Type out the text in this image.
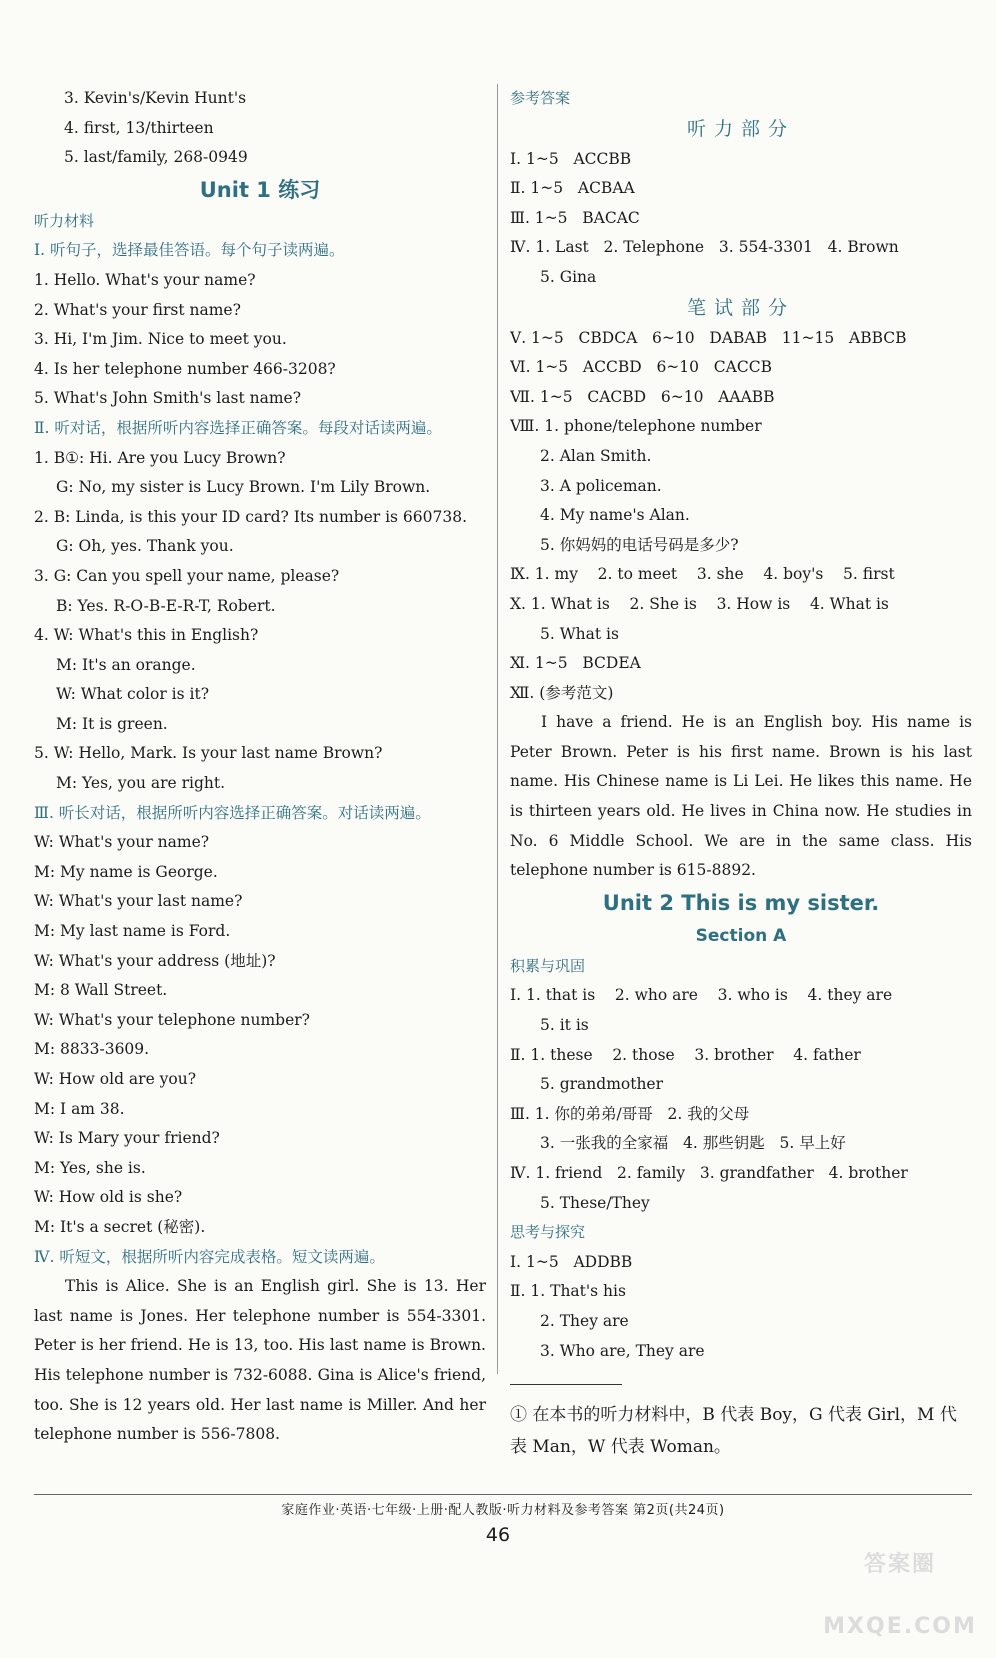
3. Kevin's/Kevin Hunt's
4. first, 13/thirteen
5. last/family, 268-0949
Unit 1 练习
听力材料
Ⅰ. 听句子，选择最佳答语。每个句子读两遍。
1. Hello. What's your name?
2. What's your first name?
3. Hi, I'm Jim. Nice to meet you.
4. Is her telephone number 466-3208?
5. What's John Smith's last name?
Ⅱ. 听对话，根据所听内容选择正确答案。每段对话读两遍。
1. B①: Hi. Are you Lucy Brown?
G: No, my sister is Lucy Brown. I'm Lily Brown.
2. B: Linda, is this your ID card? Its number is 660738.
G: Oh, yes. Thank you.
3. G: Can you spell your name, please?
B: Yes. R-O-B-E-R-T, Robert.
4. W: What's this in English?
M: It's an orange.
W: What color is it?
M: It is green.
5. W: Hello, Mark. Is your last name Brown?
M: Yes, you are right.
Ⅲ. 听长对话，根据所听内容选择正确答案。对话读两遍。
W: What's your name?
M: My name is George.
W: What's your last name?
M: My last name is Ford.
W: What's your address (地址)?
M: 8 Wall Street.
W: What's your telephone number?
M: 8833-3609.
W: How old are you?
M: I am 38.
W: Is Mary your friend?
M: Yes, she is.
W: How old is she?
M: It's a secret (秘密).
Ⅳ. 听短文，根据所听内容完成表格。短文读两遍。
This is Alice. She is an English girl. She is 13. Her last name is Jones. Her telephone number is 554-3301. Peter is her friend. He is 13, too. His last name is Brown. His telephone number is 732-6088. Gina is Alice's friend, too. She is 12 years old. Her last name is Miller. And her telephone number is 556-7808.
参考答案
听力部分
Ⅰ. 1~5   ACCBB
Ⅱ. 1~5   ACBAA
Ⅲ. 1~5   BACAC
Ⅳ. 1. Last   2. Telephone   3. 554-3301   4. Brown
5. Gina
笔试部分
Ⅴ. 1~5   CBDCA   6~10   DABAB   11~15   ABBCB
Ⅵ. 1~5   ACCBD   6~10   CACCB
Ⅶ. 1~5   CACBD   6~10   AAABB
Ⅷ. 1. phone/telephone number
2. Alan Smith.
3. A policeman.
4. My name's Alan.
5. 你妈妈的电话号码是多少?
Ⅸ. 1. my    2. to meet    3. she    4. boy's    5. first
Ⅹ. 1. What is    2. She is    3. How is    4. What is
5. What is
Ⅺ. 1~5   BCDEA
Ⅻ. (参考范文)
I have a friend. He is an English boy. His name is Peter Brown. Peter is his first name. Brown is his last name. His Chinese name is Li Lei. He likes this name. He is thirteen years old. He lives in China now. He studies in No. 6 Middle School. We are in the same class. His telephone number is 615-8892.
Unit 2 This is my sister.
Section A
积累与巩固
Ⅰ. 1. that is    2. who are    3. who is    4. they are
5. it is
Ⅱ. 1. these    2. those    3. brother    4. father
5. grandmother
Ⅲ. 1. 你的弟弟/哥哥   2. 我的父母
3. 一张我的全家福   4. 那些钥匙   5. 早上好
Ⅳ. 1. friend   2. family   3. grandfather   4. brother
5. These/They
思考与探究
Ⅰ. 1~5   ADDBB
Ⅱ. 1. That's his
2. They are
3. Who are, They are
① 在本书的听力材料中，B 代表 Boy，G 代表 Girl，M 代表 Man，W 代表 Woman。
家庭作业·英语·七年级·上册·配人教版·听力材料及参考答案 第2页(共24页)
46
答案圈 MXQE.COM
